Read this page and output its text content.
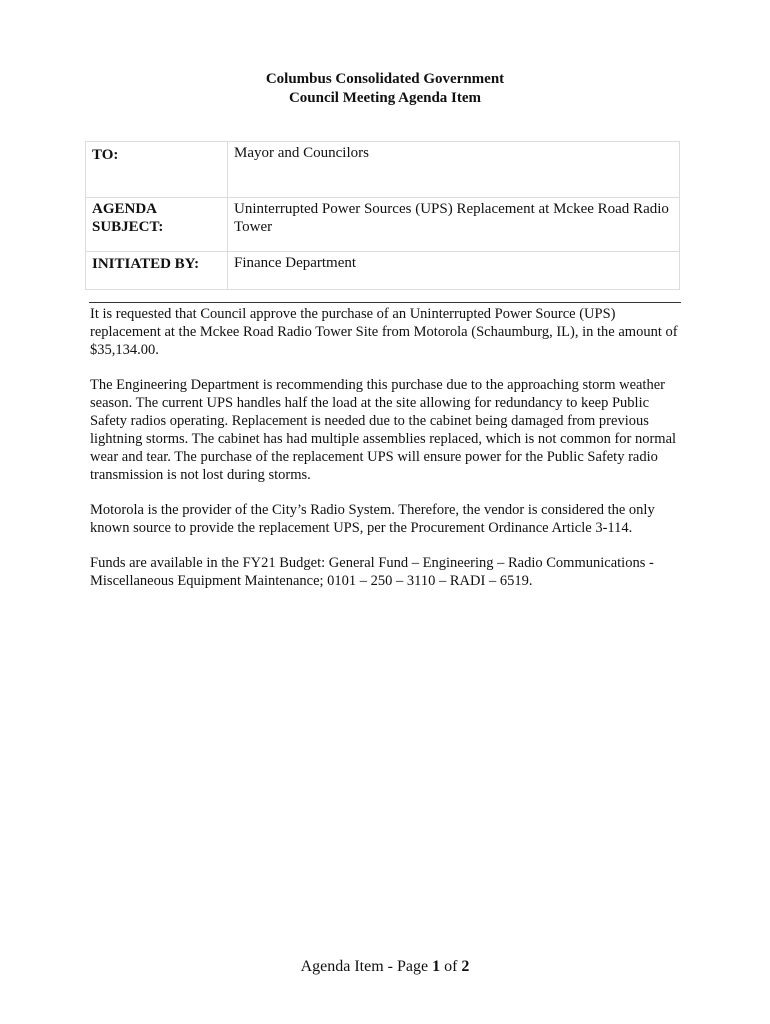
Columbus Consolidated Government
Council Meeting Agenda Item
TO:	Mayor and Councilors

AGENDA
SUBJECT:	Uninterrupted Power Sources (UPS) Replacement at Mckee Road Radio Tower
INITIATED BY:	Finance Department

It is requested that Council approve the purchase of an Uninterrupted Power Source (UPS) replacement at the Mckee Road Radio Tower Site from Motorola (Schaumburg, IL), in the amount of $35,134.00.

The Engineering Department is recommending this purchase due to the approaching storm weather season. The current UPS handles half the load at the site allowing for redundancy to keep Public Safety radios operating. Replacement is needed due to the cabinet being damaged from previous lightning storms. The cabinet has had multiple assemblies replaced, which is not common for normal wear and tear. The purchase of the replacement UPS will ensure power for the Public Safety radio transmission is not lost during storms.

Motorola is the provider of the City’s Radio System. Therefore, the vendor is considered the only known source to provide the replacement UPS, per the Procurement Ordinance Article 3-114.

Funds are available in the FY21 Budget: General Fund – Engineering – Radio Communications - Miscellaneous Equipment Maintenance; 0101 – 250 – 3110 – RADI – 6519.

Agenda Item - Page 1 of 2
